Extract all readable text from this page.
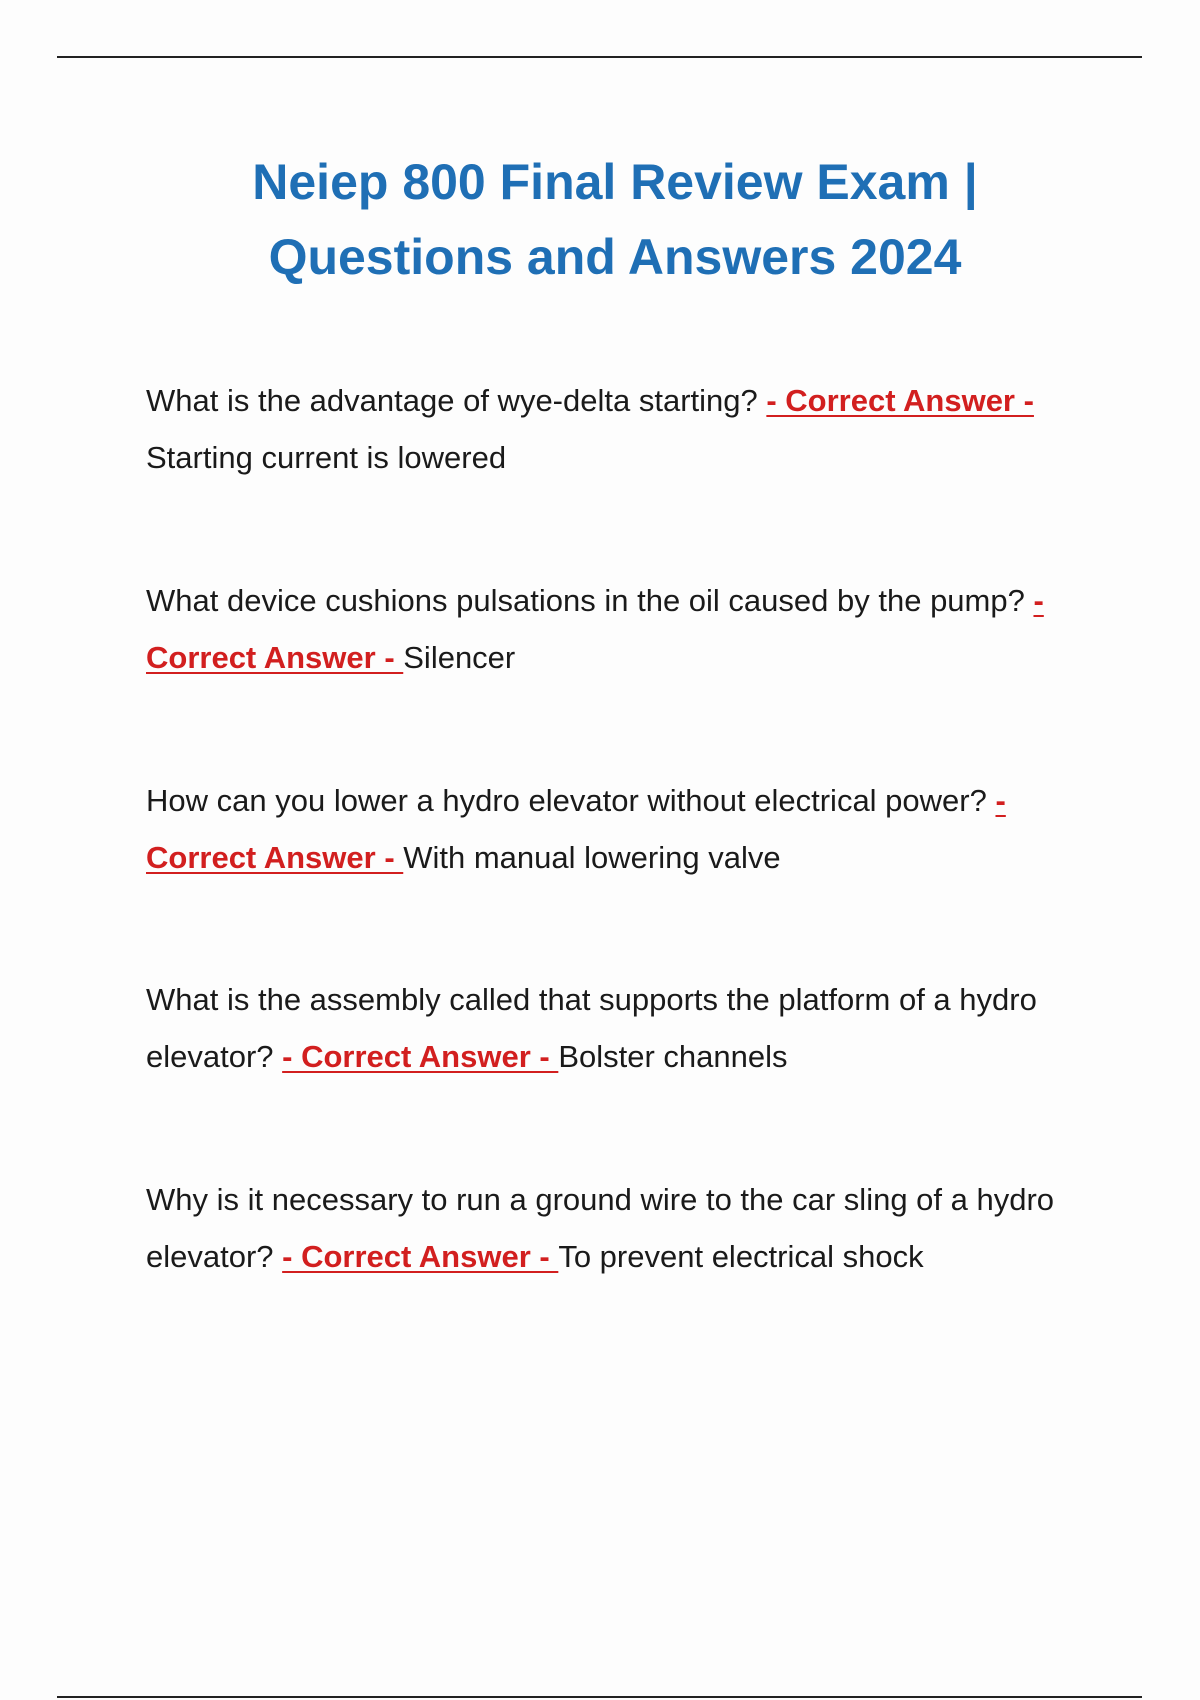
Neiep 800 Final Review Exam |
Questions and Answers 2024
What is the advantage of wye-delta starting? - Correct Answer - Starting current is lowered
What device cushions pulsations in the oil caused by the pump? - Correct Answer - Silencer
How can you lower a hydro elevator without electrical power? - Correct Answer - With manual lowering valve
What is the assembly called that supports the platform of a hydro elevator? - Correct Answer - Bolster channels
Why is it necessary to run a ground wire to the car sling of a hydro elevator? - Correct Answer - To prevent electrical shock
